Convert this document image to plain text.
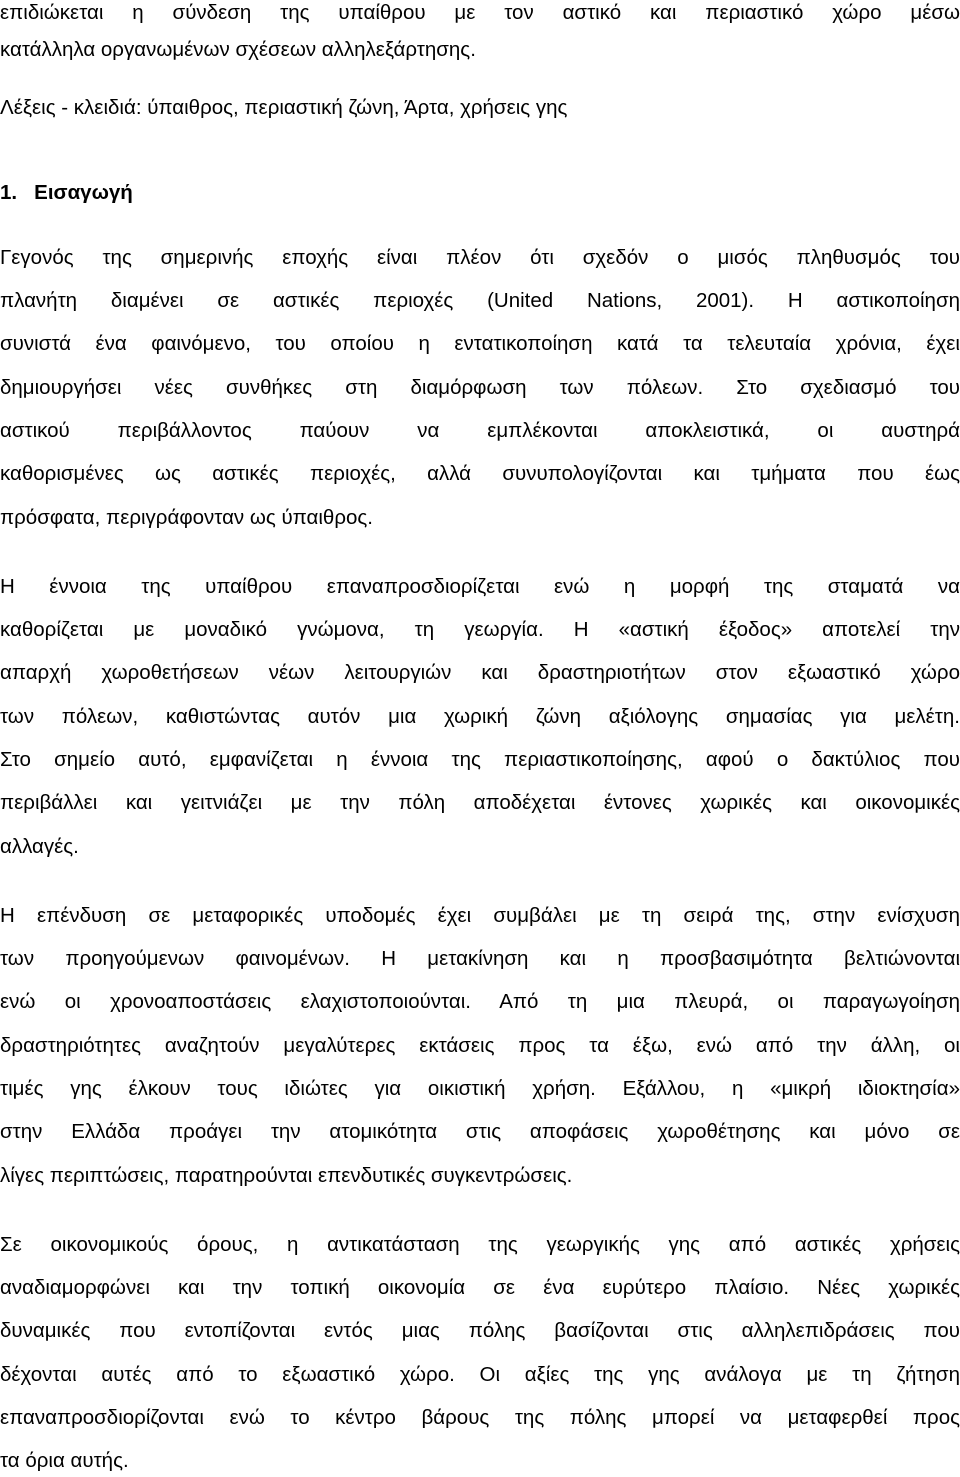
επιδιώκεται η σύνδεση της υπαίθρου με τον αστικό και περιαστικό χώρο μέσω
κατάλληλα οργανωμένων σχέσεων αλληλεξάρτησης.
Λέξεις - κλειδιά: ύπαιθρος, περιαστική ζώνη, Άρτα, χρήσεις γης
1.   Εισαγωγή
Γεγονός της σημερινής εποχής είναι πλέον ότι σχεδόν ο μισός πληθυσμός του
πλανήτη διαμένει σε αστικές περιοχές (United Nations, 2001). Η αστικοποίηση
συνιστά ένα φαινόμενο, του οποίου η εντατικοποίηση κατά τα τελευταία χρόνια, έχει
δημιουργήσει νέες συνθήκες στη διαμόρφωση των πόλεων. Στο σχεδιασμό του
αστικού περιβάλλοντος παύουν να εμπλέκονται αποκλειστικά, οι αυστηρά
καθορισμένες ως αστικές περιοχές, αλλά συνυπολογίζονται και τμήματα που έως
πρόσφατα, περιγράφονταν ως ύπαιθρος.
Η έννοια της υπαίθρου επαναπροσδιορίζεται ενώ η μορφή της σταματά να
καθορίζεται με μοναδικό γνώμονα, τη γεωργία. Η «αστική έξοδος» αποτελεί την
απαρχή χωροθετήσεων νέων λειτουργιών και δραστηριοτήτων στον εξωαστικό χώρο
των πόλεων, καθιστώντας αυτόν μια χωρική ζώνη αξιόλογης σημασίας για μελέτη.
Στο σημείο αυτό, εμφανίζεται η έννοια της περιαστικοποίησης, αφού ο δακτύλιος που
περιβάλλει και γειτνιάζει με την πόλη αποδέχεται έντονες χωρικές και οικονομικές
αλλαγές.
Η επένδυση σε μεταφορικές υποδομές έχει συμβάλει με τη σειρά της, στην ενίσχυση
των προηγούμενων φαινομένων. Η μετακίνηση και η προσβασιμότητα βελτιώνονται
ενώ οι χρονοαποστάσεις ελαχιστοποιούνται. Από τη μια πλευρά, οι παραγωγοίηση
δραστηριότητες αναζητούν μεγαλύτερες εκτάσεις προς τα έξω, ενώ από την άλλη, οι
τιμές γης έλκουν τους ιδιώτες για οικιστική χρήση. Εξάλλου, η «μικρή ιδιοκτησία»
στην Ελλάδα προάγει την ατομικότητα στις αποφάσεις χωροθέτησης και μόνο σε
λίγες περιπτώσεις, παρατηρούνται επενδυτικές συγκεντρώσεις.
Σε οικονομικούς όρους, η αντικατάσταση της γεωργικής γης από αστικές χρήσεις
αναδιαμορφώνει και την τοπική οικονομία σε ένα ευρύτερο πλαίσιο. Νέες χωρικές
δυναμικές που εντοπίζονται εντός μιας πόλης βασίζονται στις αλληλεπιδράσεις που
δέχονται αυτές από το εξωαστικό χώρο. Οι αξίες της γης ανάλογα με τη ζήτηση
επαναπροσδιορίζονται ενώ το κέντρο βάρους της πόλης μπορεί να μεταφερθεί προς
τα όρια αυτής.
